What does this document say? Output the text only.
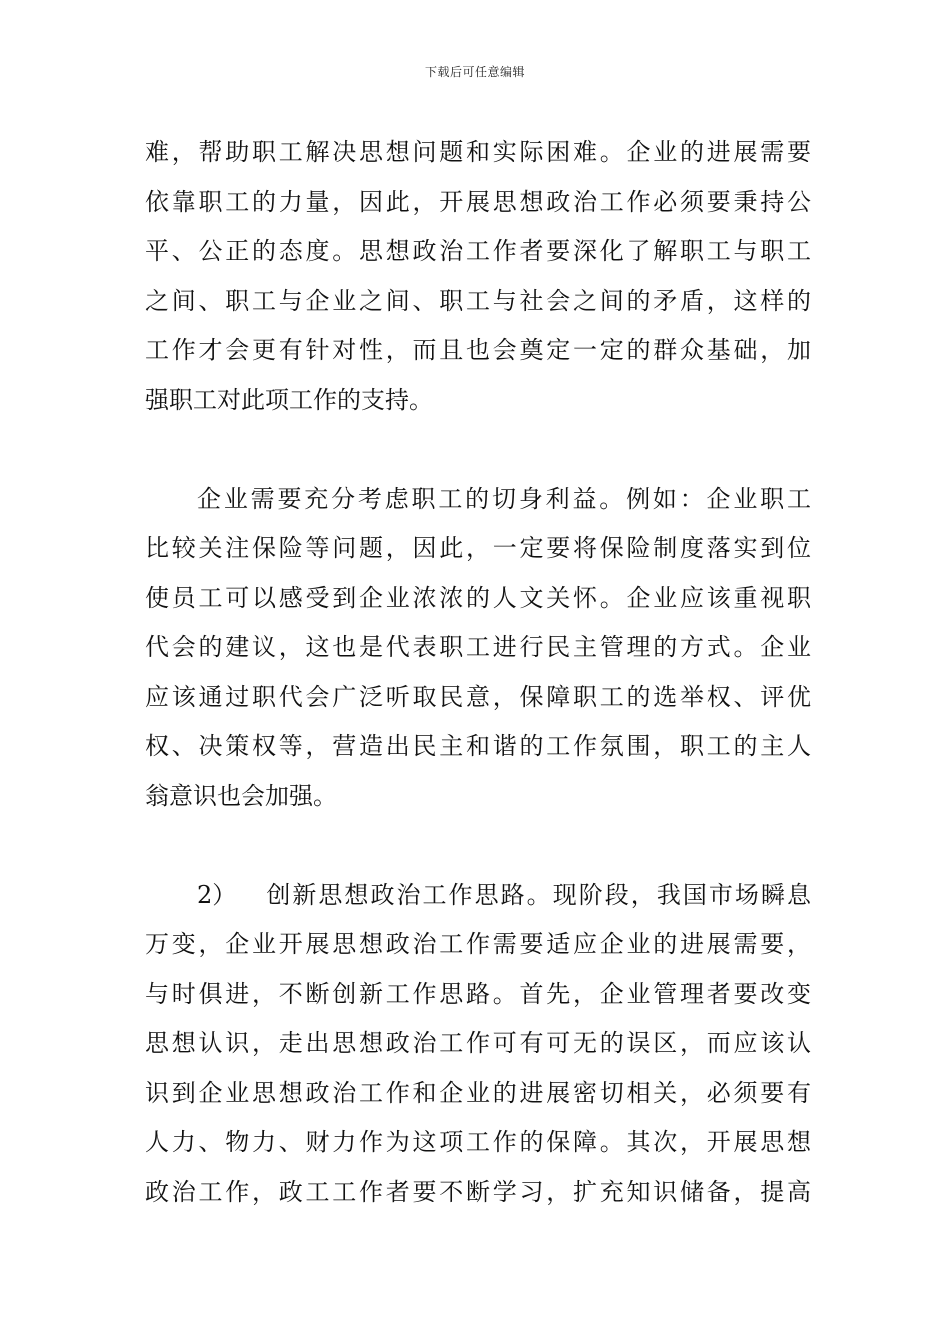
下载后可任意编辑
难，帮助职工解决思想问题和实际困难。企业的进展需要
依靠职工的力量，因此，开展思想政治工作必须要秉持公
平、公正的态度。思想政治工作者要深化了解职工与职工
之间、职工与企业之间、职工与社会之间的矛盾，这样的
工作才会更有针对性，而且也会奠定一定的群众基础，加
强职工对此项工作的支持。
企业需要充分考虑职工的切身利益。例如：企业职工
比较关注保险等问题，因此，一定要将保险制度落实到位
使员工可以感受到企业浓浓的人文关怀。企业应该重视职
代会的建议，这也是代表职工进行民主管理的方式。企业
应该通过职代会广泛听取民意，保障职工的选举权、评优
权、决策权等，营造出民主和谐的工作氛围，职工的主人
翁意识也会加强。
2） 创新思想政治工作思路。现阶段，我国市场瞬息
万变，企业开展思想政治工作需要适应企业的进展需要，
与时俱进，不断创新工作思路。首先，企业管理者要改变
思想认识，走出思想政治工作可有可无的误区，而应该认
识到企业思想政治工作和企业的进展密切相关，必须要有
人力、物力、财力作为这项工作的保障。其次，开展思想
政治工作，政工工作者要不断学习，扩充知识储备，提高
